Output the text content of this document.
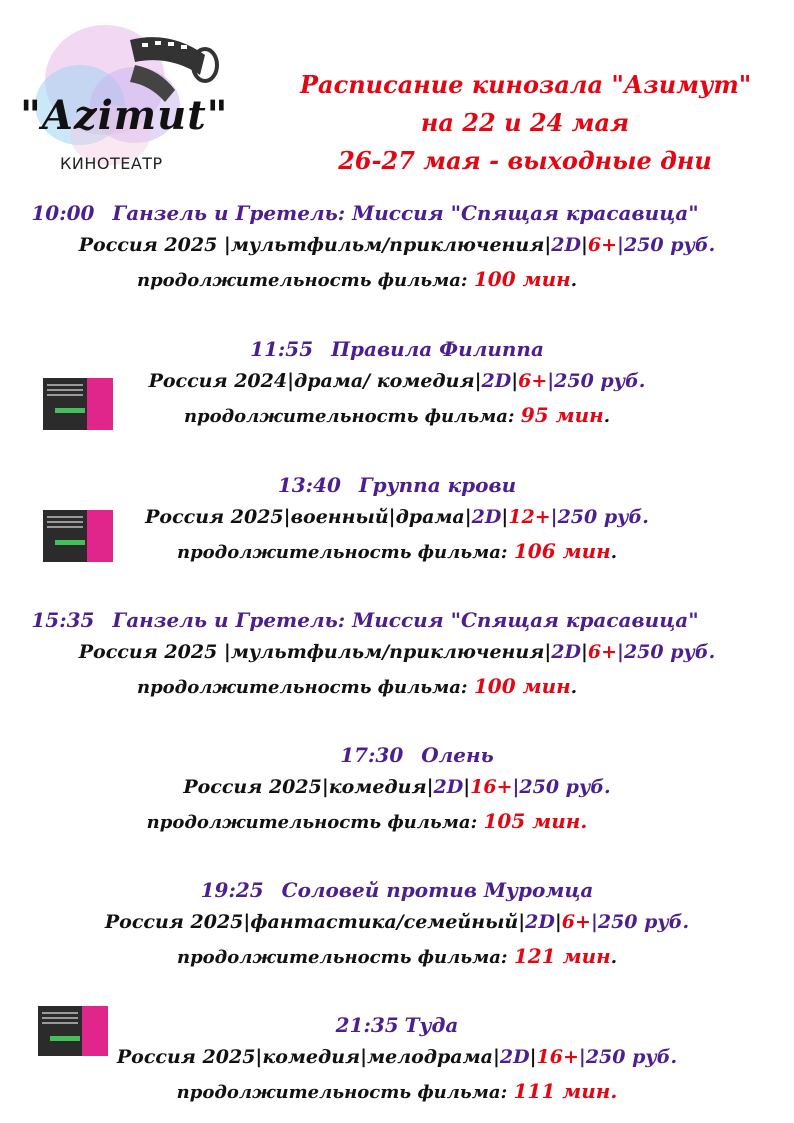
"Azimut"
КИНОТЕАТР
Расписание кинозала "Азимут"
на 22 и 24 мая
26-27 мая - выходные дни
10:00 Ганзель и Гретель: Миссия "Спящая красавица"
Россия 2025 |мультфильм/приключения|2D|6+|250 руб.
продолжительность фильма: 100 мин.
11:55 Правила Филиппа
Россия 2024|драма/ комедия|2D|6+|250 руб.
продолжительность фильма: 95 мин.
13:40 Группа крови
Россия 2025|военный|драма|2D|12+|250 руб.
продолжительность фильма: 106 мин.
15:35 Ганзель и Гретель: Миссия "Спящая красавица"
Россия 2025 |мультфильм/приключения|2D|6+|250 руб.
продолжительность фильма: 100 мин.
17:30 Олень
Россия 2025|комедия|2D|16+|250 руб.
продолжительность фильма: 105 мин.
19:25 Соловей против Муромца
Россия 2025|фантастика/семейный|2D|6+|250 руб.
продолжительность фильма: 121 мин.
21:35 Туда
Россия 2025|комедия|мелодрама|2D|16+|250 руб.
продолжительность фильма: 111 мин.
